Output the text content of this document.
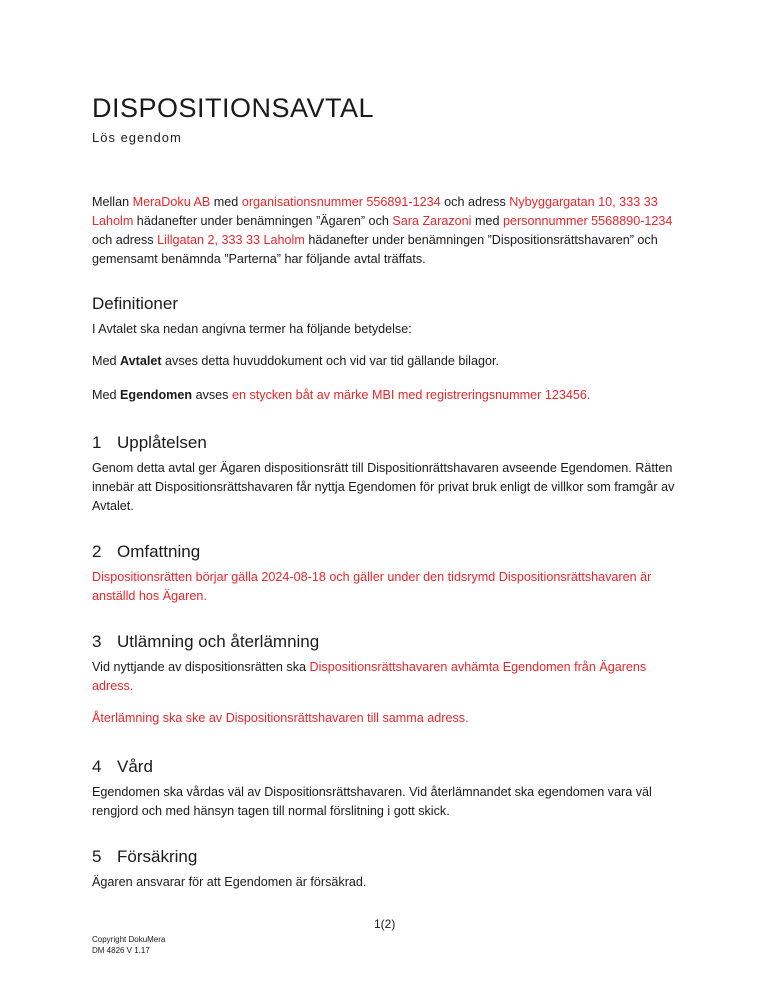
DISPOSITIONSAVTAL
Lös egendom

Mellan MeraDoku AB med organisationsnummer 556891-1234 och adress Nybyggargatan 10, 333 33 Laholm hädanefter under benämningen ”Ägaren” och Sara Zarazoni med personnummer 5568890-1234 och adress Lillgatan 2, 333 33 Laholm hädanefter under benämningen ”Dispositionsrättshavaren” och gemensamt benämnda ”Parterna” har följande avtal träffats.

Definitioner

I Avtalet ska nedan angivna termer ha följande betydelse:

Med Avtalet avses detta huvuddokument och vid var tid gällande bilagor.

Med Egendomen avses en stycken båt av märke MBI med registreringsnummer 123456.

1 Upplåtelsen

Genom detta avtal ger Ägaren dispositionsrätt till Dispositionrättshavaren avseende Egendomen. Rätten innebär att Dispositionsrättshavaren får nyttja Egendomen för privat bruk enligt de villkor som framgår av Avtalet.

2 Omfattning

Dispositionsrätten börjar gälla 2024-08-18 och gäller under den tidsrymd Dispositionsrättshavaren är anställd hos Ägaren.

3 Utlämning och återlämning

Vid nyttjande av dispositionsrätten ska Dispositionsrättshavaren avhämta Egendomen från Ägarens adress.

Återlämning ska ske av Dispositionsrättshavaren till samma adress.

4 Vård

Egendomen ska vårdas väl av Dispositionsrättshavaren. Vid återlämnandet ska egendomen vara väl rengjord och med hänsyn tagen till normal förslitning i gott skick.

5 Försäkring

Ägaren ansvarar för att Egendomen är försäkrad.

1(2)
Copyright DokuMera
DM 4826 V 1.17
